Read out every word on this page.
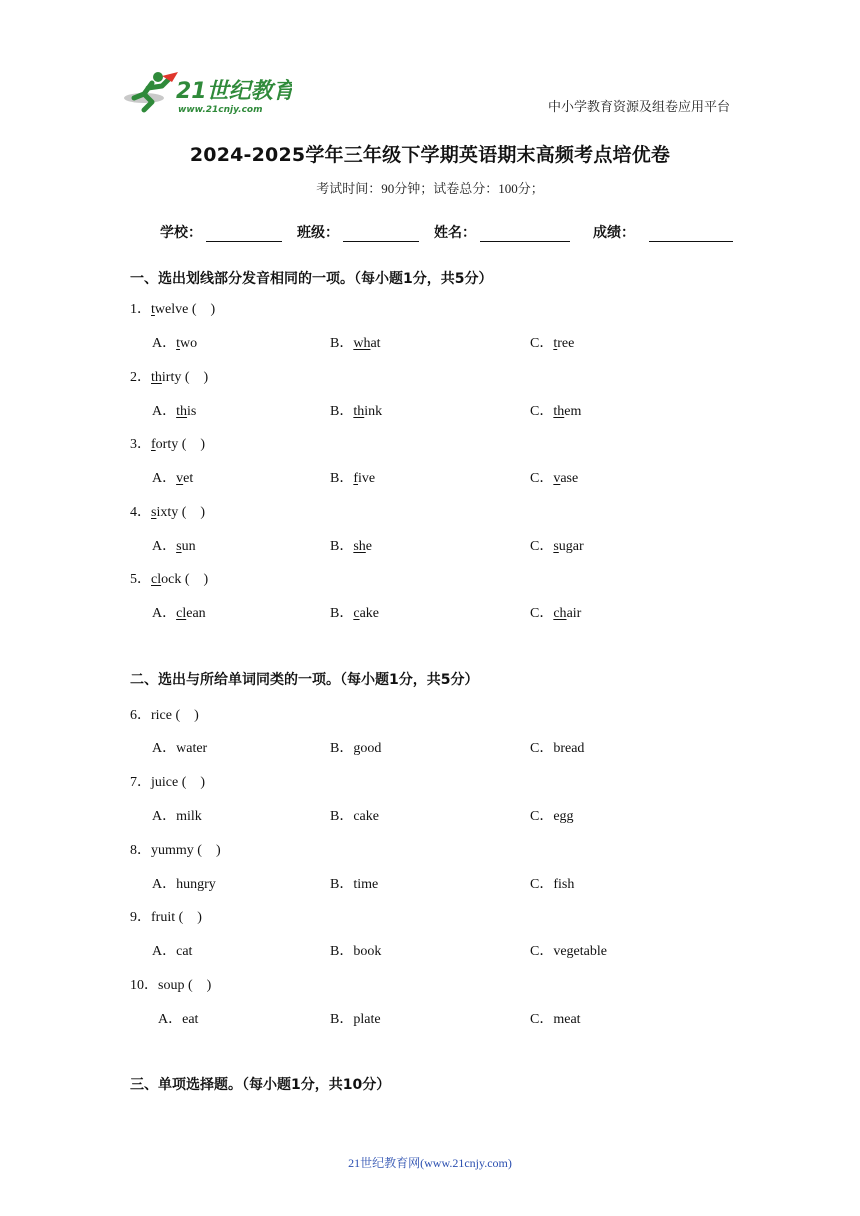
21世纪教育
www.21cnjy.com	中小学教育资源及组卷应用平台
2024-2025学年三年级下学期英语期末高频考点培优卷
考试时间：90分钟；试卷总分：100分；
学校：	班级：	姓名：	成绩：
一、选出划线部分发音相同的一项。（每小题1分，共5分）
1．twelve (　)
A．two	B．what	C．tree
2．thirty (　)
A．this	B．think	C．them
3．forty (　)
A．vet	B．five	C．vase
4．sixty (　)
A．sun	B．she	C．sugar
5．clock (　)
A．clean	B．cake	C．chair
二、选出与所给单词同类的一项。（每小题1分，共5分）
6．rice (　)
A．water	B．good	C．bread
7．juice (　)
A．milk	B．cake	C．egg
8．yummy (　)
A．hungry	B．time	C．fish
9．fruit (　)
A．cat	B．book	C．vegetable
10．soup (　)
A．eat	B．plate	C．meat
三、单项选择题。（每小题1分，共10分）
21世纪教育网(www.21cnjy.com)
